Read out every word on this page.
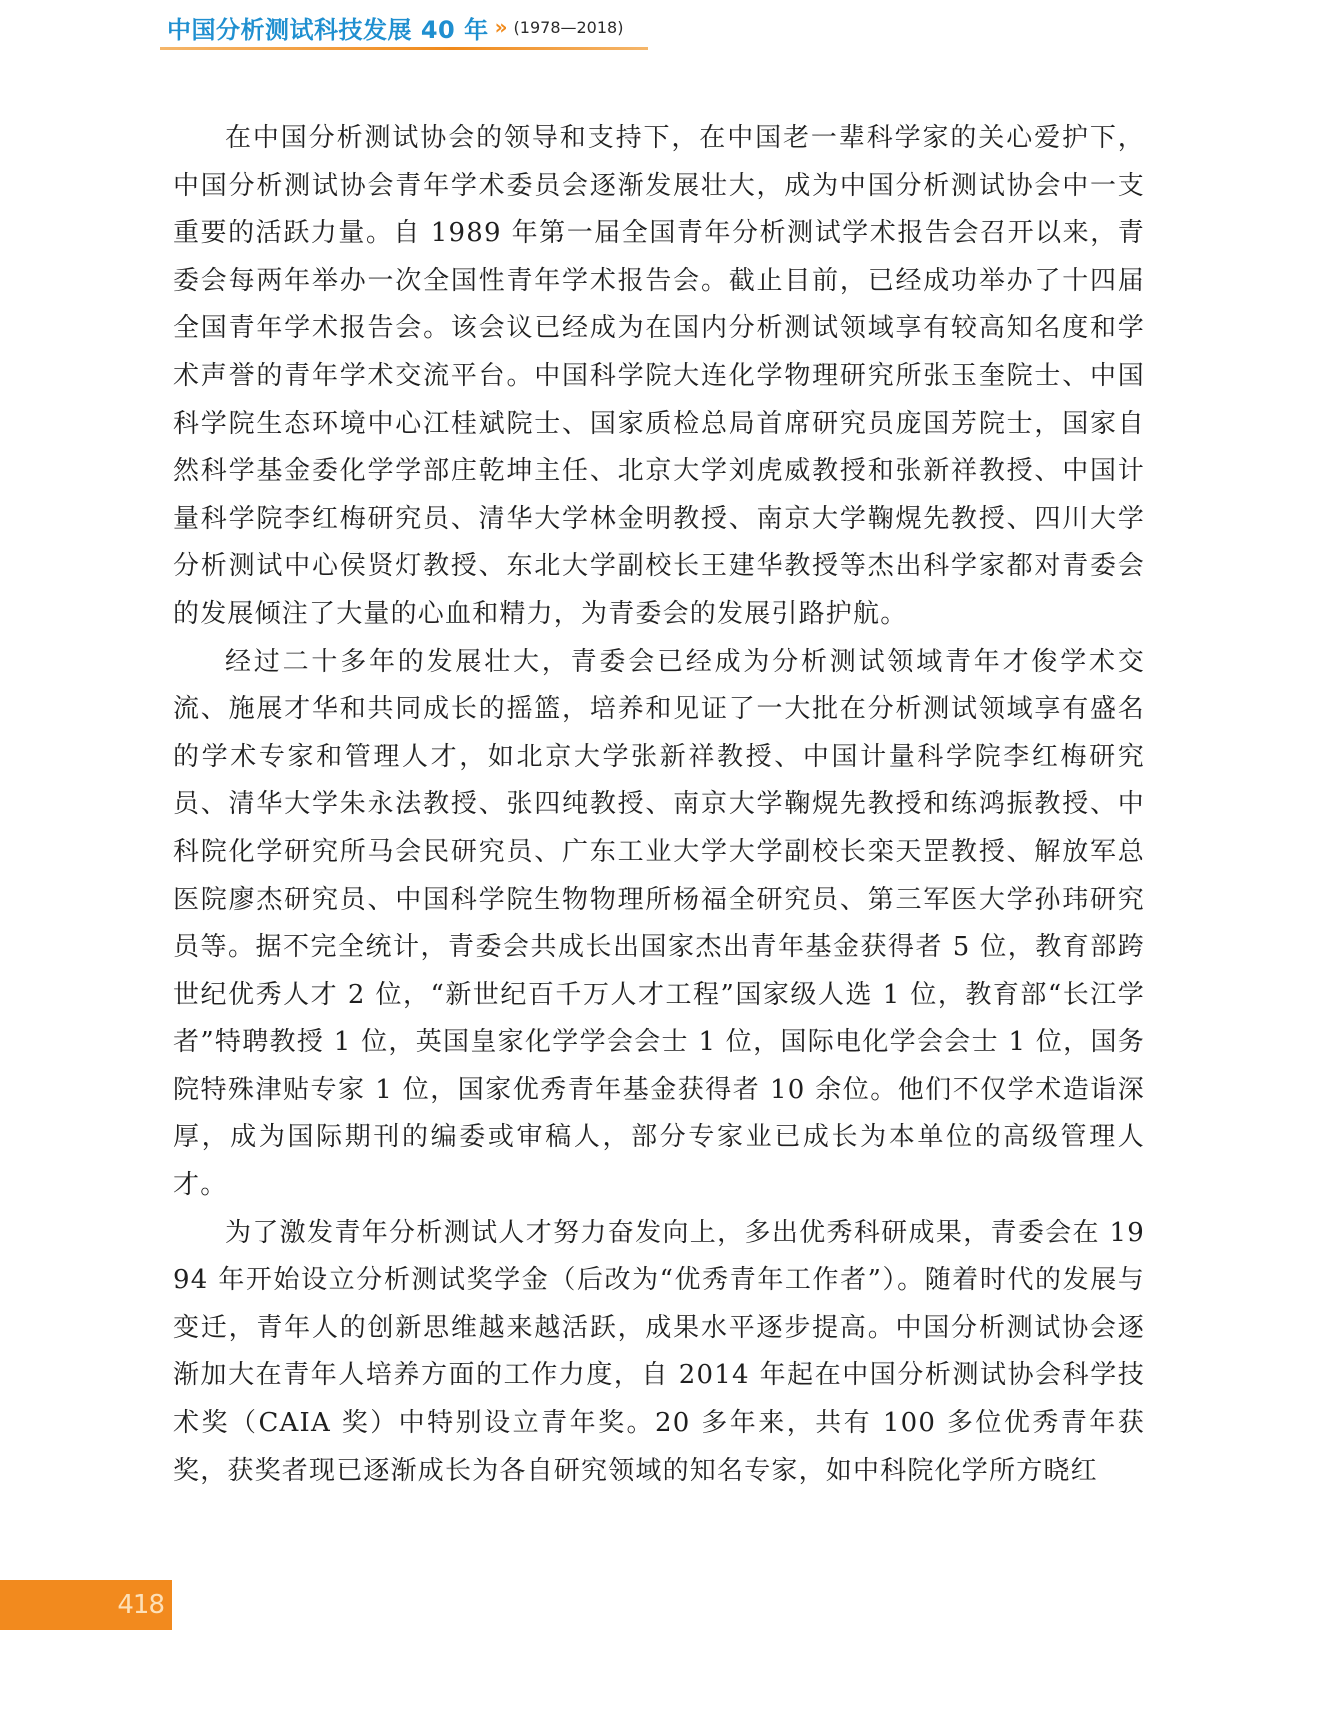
中国分析测试科技发展 40 年 » (1978—2018)

在中国分析测试协会的领导和支持下，在中国老一辈科学家的关心爱护下，中国分析测试协会青年学术委员会逐渐发展壮大，成为中国分析测试协会中一支重要的活跃力量。自 1989 年第一届全国青年分析测试学术报告会召开以来，青委会每两年举办一次全国性青年学术报告会。截止目前，已经成功举办了十四届全国青年学术报告会。该会议已经成为在国内分析测试领域享有较高知名度和学术声誉的青年学术交流平台。中国科学院大连化学物理研究所张玉奎院士、中国科学院生态环境中心江桂斌院士、国家质检总局首席研究员庞国芳院士，国家自然科学基金委化学学部庄乾坤主任、北京大学刘虎威教授和张新祥教授、中国计量科学院李红梅研究员、清华大学林金明教授、南京大学鞠熀先教授、四川大学分析测试中心侯贤灯教授、东北大学副校长王建华教授等杰出科学家都对青委会的发展倾注了大量的心血和精力，为青委会的发展引路护航。

经过二十多年的发展壮大，青委会已经成为分析测试领域青年才俊学术交流、施展才华和共同成长的摇篮，培养和见证了一大批在分析测试领域享有盛名的学术专家和管理人才，如北京大学张新祥教授、中国计量科学院李红梅研究员、清华大学朱永法教授、张四纯教授、南京大学鞠熀先教授和练鸿振教授、中科院化学研究所马会民研究员、广东工业大学大学副校长栾天罡教授、解放军总医院廖杰研究员、中国科学院生物物理所杨福全研究员、第三军医大学孙玮研究员等。据不完全统计，青委会共成长出国家杰出青年基金获得者 5 位，教育部跨世纪优秀人才 2 位，“新世纪百千万人才工程”国家级人选 1 位，教育部“长江学者”特聘教授 1 位，英国皇家化学学会会士 1 位，国际电化学会会士 1 位，国务院特殊津贴专家 1 位，国家优秀青年基金获得者 10 余位。他们不仅学术造诣深厚，成为国际期刊的编委或审稿人，部分专家业已成长为本单位的高级管理人才。

为了激发青年分析测试人才努力奋发向上，多出优秀科研成果，青委会在 1994 年开始设立分析测试奖学金（后改为“优秀青年工作者”）。随着时代的发展与变迁，青年人的创新思维越来越活跃，成果水平逐步提高。中国分析测试协会逐渐加大在青年人培养方面的工作力度，自 2014 年起在中国分析测试协会科学技术奖（CAIA 奖）中特别设立青年奖。20 多年来，共有 100 多位优秀青年获奖，获奖者现已逐渐成长为各自研究领域的知名专家，如中科院化学所方晓红

418
